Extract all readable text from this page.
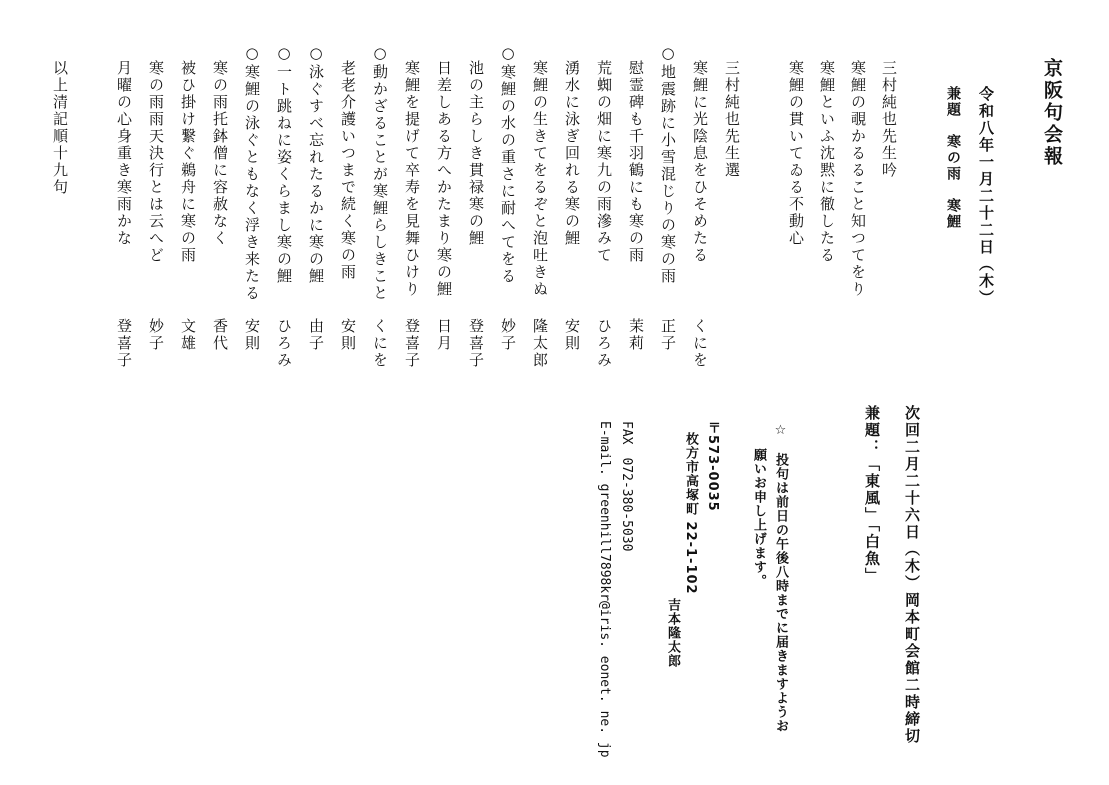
京阪句会報
令和八年一月二十二日（木）
兼題　寒の雨　寒鯉
三村純也先生吟
寒鯉の覗かるること知つてをり
寒鯉といふ沈黙に徹したる
寒鯉の貫いてゐる不動心
三村純也先生選
寒鯉に光陰息をひそめたる
くにを
○地震跡に小雪混じりの寒の雨
正子
慰霊碑も千羽鶴にも寒の雨
茉莉
荒蜘の畑に寒九の雨滲みて
ひろみ
湧水に泳ぎ回れる寒の鯉
安則
寒鯉の生きてをるぞと泡吐きぬ
隆太郎
○寒鯉の水の重さに耐へてをる
妙子
池の主らしき貫禄寒の鯉
登喜子
日差しある方へかたまり寒の鯉
日月
寒鯉を提げて卒寿を見舞ひけり
登喜子
○動かざることが寒鯉らしきこと
くにを
老老介護いつまで続く寒の雨
安則
○泳ぐすべ忘れたるかに寒の鯉
由子
○一ト跳ねに姿くらまし寒の鯉
ひろみ
○寒鯉の泳ぐともなく浮き来たる
安則
寒の雨托鉢僧に容赦なく
香代
被ひ掛け繋ぐ鵜舟に寒の雨
文雄
寒の雨雨天決行とは云へど
妙子
月曜の心身重き寒雨かな
登喜子
以上清記順十九句
次回二月二十六日（木）岡本町会館二時締切
兼題：「東風」「白魚」
☆　投句は前日の午後八時までに届きますようお
願いお申し上げます。
吉本隆太郎
〒573-0035
枚方市高塚町 22-1-102
FAX　072-380-5030
E-mail. greenhill7898kr@iris. eonet. ne. jp
